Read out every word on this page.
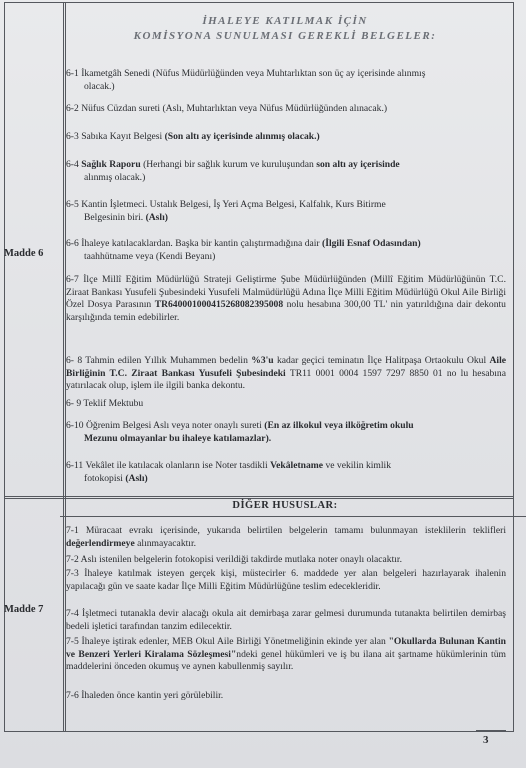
İHALEYE KATILMAK İÇİN
KOMİSYONA SUNULMASI GEREKLİ BELGELER:
Madde 6
Madde 7
6-1 İkametgâh Senedi (Nüfus Müdürlüğünden veya Muhtarlıktan son üç ay içerisinde alınmış
olacak.)
6-2 Nüfus Cüzdan sureti (Aslı, Muhtarlıktan veya Nüfus Müdürlüğünden alınacak.)
6-3 Sabıka Kayıt Belgesi (Son altı ay içerisinde alınmış olacak.)
6-4 Sağlık Raporu (Herhangi bir sağlık kurum ve kuruluşundan son altı ay içerisinde
alınmış olacak.)
6-5 Kantin İşletmeci. Ustalık Belgesi, İş Yeri Açma Belgesi, Kalfalık, Kurs Bitirme
Belgesinin biri. (Aslı)
6-6 İhaleye katılacaklardan. Başka bir kantin çalıştırmadığına dair (İlgili Esnaf Odasından)
taahhütname veya (Kendi Beyanı)
6-7 İlçe Millî Eğitim Müdürlüğü Strateji Geliştirme Şube Müdürlüğünden (Millî Eğitim Müdürlüğünün T.C. Ziraat Bankası Yusufeli Şubesindeki Yusufeli Malmüdürlüğü Adına İlçe Milli Eğitim Müdürlüğü Okul Aile Birliği Özel Dosya Parasının TR640001000415268082395008 nolu hesabına 300,00 TL' nin yatırıldığına dair dekontu karşılığında temin edebilirler.
6- 8 Tahmin edilen Yıllık Muhammen bedelin %3'u kadar geçici teminatın İlçe Halitpaşa Ortaokulu Okul Aile Birliğinin T.C. Ziraat Bankası Yusufeli Şubesindeki TR11 0001 0004 1597 7297 8850 01 no lu hesabına yatırılacak olup, işlem ile ilgili banka dekontu.
6- 9 Teklif Mektubu
6-10 Öğrenim Belgesi Aslı veya noter onaylı sureti (En az ilkokul veya ilköğretim okulu
Mezunu olmayanlar bu ihaleye katılamazlar).
6-11 Vekâlet ile katılacak olanların ise Noter tasdikli Vekâletname ve vekilin kimlik
fotokopisi (Aslı)
DİĞER HUSUSLAR:
7-1 Müracaat evrakı içerisinde, yukarıda belirtilen belgelerin tamamı bulunmayan isteklilerin teklifleri değerlendirmeye alınmayacaktır.
7-2 Aslı istenilen belgelerin fotokopisi verildiği takdirde mutlaka noter onaylı olacaktır.
7-3 İhaleye katılmak isteyen gerçek kişi, müstecirler 6. maddede yer alan belgeleri hazırlayarak ihalenin yapılacağı gün ve saate kadar İlçe Milli Eğitim Müdürlüğüne teslim edecekleridir.
7-4 İşletmeci tutanakla devir alacağı okula ait demirbaşa zarar gelmesi durumunda tutanakta belirtilen demirbaş bedeli işletici tarafından tanzim edilecektir.
7-5 İhaleye iştirak edenler, MEB Okul Aile Birliği Yönetmeliğinin ekinde yer alan "Okullarda Bulunan Kantin ve Benzeri Yerleri Kiralama Sözleşmesi"ndeki genel hükümleri ve iş bu ilana ait şartname hükümlerinin tüm maddelerini önceden okumuş ve aynen kabullenmiş sayılır.
7-6 İhaleden önce kantin yeri görülebilir.
3
